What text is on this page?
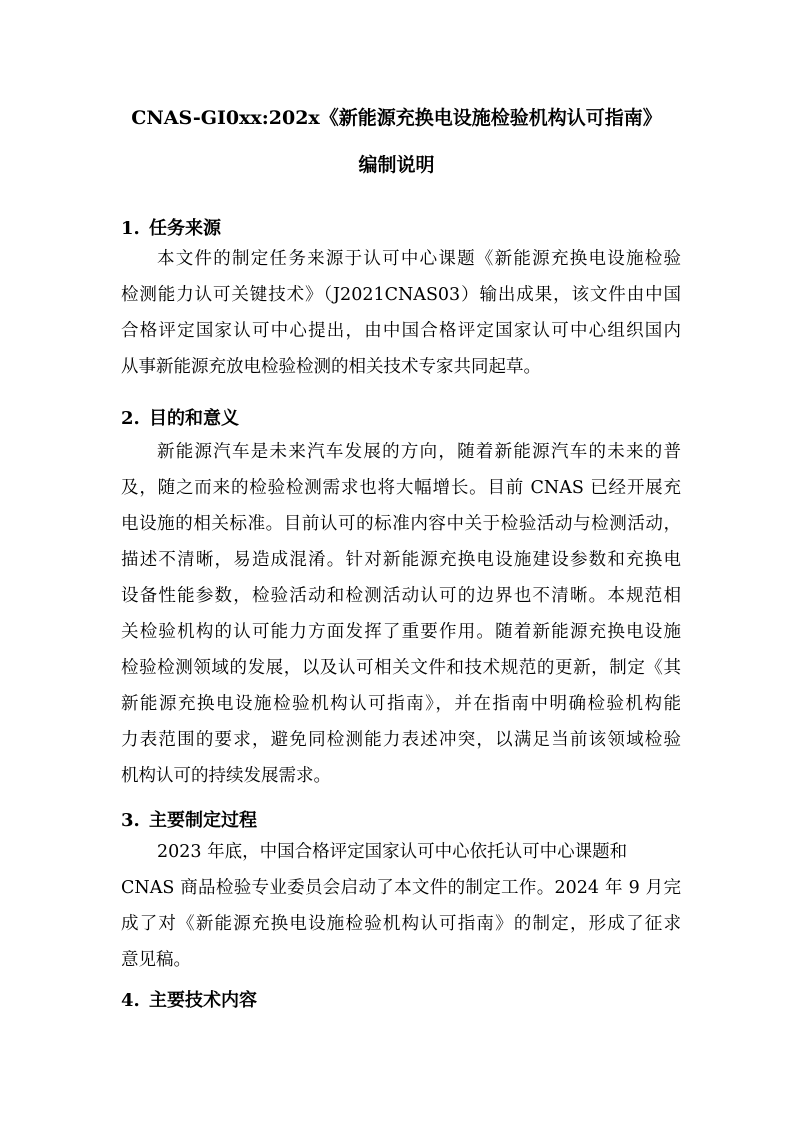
CNAS-GI0xx:202x《新能源充换电设施检验机构认可指南》
编制说明
1. 任务来源
本文件的制定任务来源于认可中心课题《新能源充换电设施检验
检测能力认可关键技术》（J2021CNAS03）输出成果，该文件由中国
合格评定国家认可中心提出，由中国合格评定国家认可中心组织国内
从事新能源充放电检验检测的相关技术专家共同起草。
2. 目的和意义
新能源汽车是未来汽车发展的方向，随着新能源汽车的未来的普
及，随之而来的检验检测需求也将大幅增长。目前 CNAS 已经开展充
电设施的相关标准。目前认可的标准内容中关于检验活动与检测活动，
描述不清晰，易造成混淆。针对新能源充换电设施建设参数和充换电
设备性能参数，检验活动和检测活动认可的边界也不清晰。本规范相
关检验机构的认可能力方面发挥了重要作用。随着新能源充换电设施
检验检测领域的发展，以及认可相关文件和技术规范的更新，制定《其
新能源充换电设施检验机构认可指南》，并在指南中明确检验机构能
力表范围的要求，避免同检测能力表述冲突，以满足当前该领域检验
机构认可的持续发展需求。
3. 主要制定过程
2023 年底，中国合格评定国家认可中心依托认可中心课题和
CNAS 商品检验专业委员会启动了本文件的制定工作。2024 年 9 月完
成了对《新能源充换电设施检验机构认可指南》的制定，形成了征求
意见稿。
4. 主要技术内容
